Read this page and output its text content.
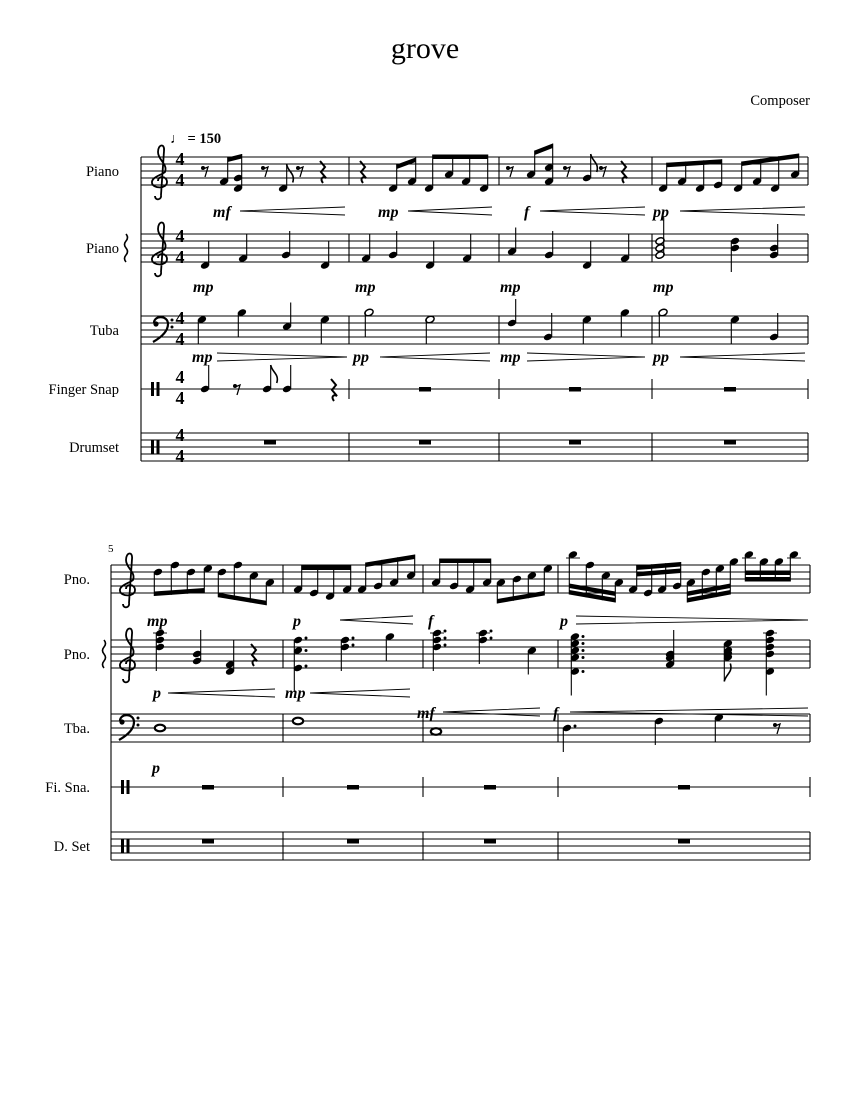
grove
Composer
♩ = 150
5
Piano
Piano
Tuba
Finger Snap
Drumset
Pno.
Pno.
Tba.
Fi. Sna.
D. Set
4
4
4
4
4
4
4
4
4
4
mf	mp	f	pp
mp	mp	mp	mp
mp	pp	mp	pp
mp	p	f	p
p	mp
mf	f
p
